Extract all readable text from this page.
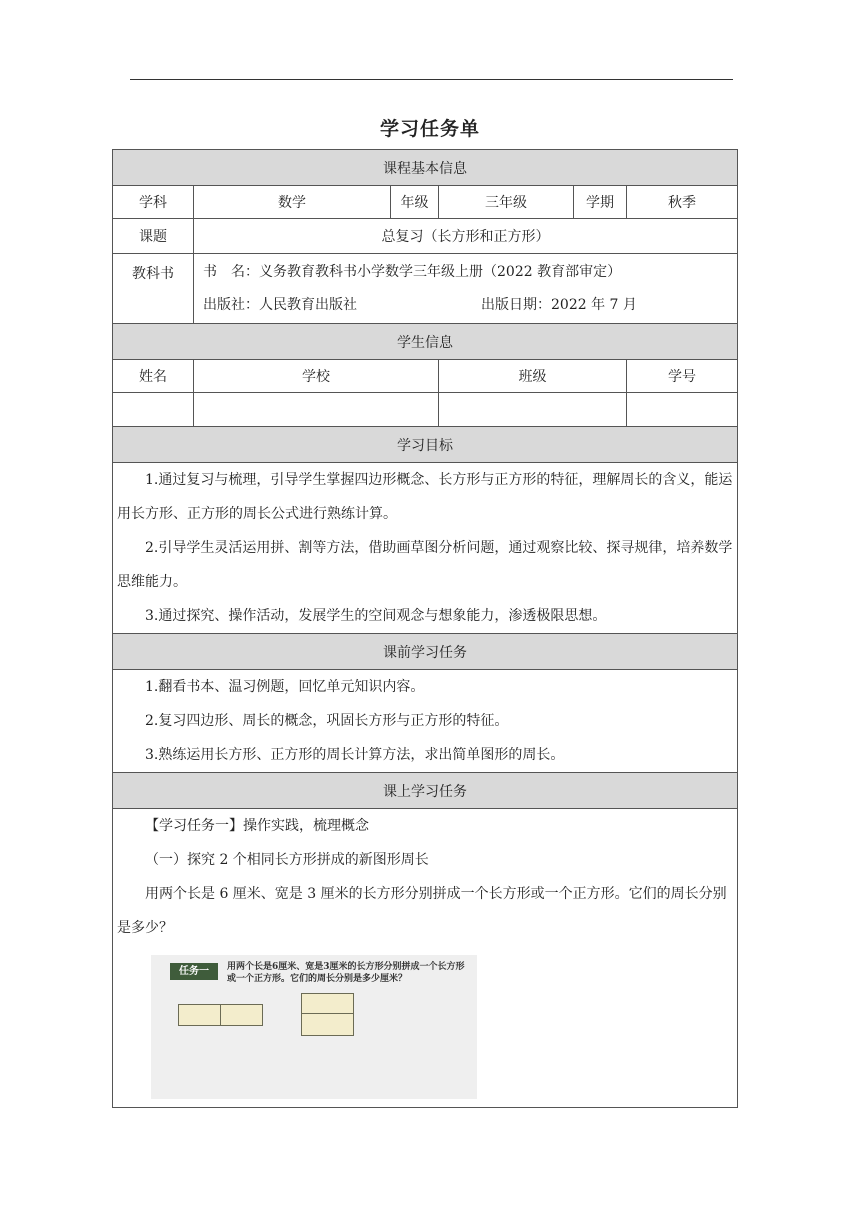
学习任务单
课程基本信息					
学科	数学	年级	三年级	学期	秋季
课题	总复习（长方形和正方形）				
教科书	书　名：义务教育教科书小学数学三年级上册（2022 教育部审定）
出版社：人民教育出版社 出版日期：2022 年 7 月				

学生信息					
姓名	学校		班级		学号

学习目标					

1.通过复习与梳理，引导学生掌握四边形概念、长方形与正方形的特征，理解周长的含义，能运用长方形、正方形的周长公式进行熟练计算。

2.引导学生灵活运用拼、割等方法，借助画草图分析问题，通过观察比较、探寻规律，培养数学思维能力。

3.通过探究、操作活动，发展学生的空间观念与想象能力，渗透极限思想。					

课前学习任务					

1.翻看书本、温习例题，回忆单元知识内容。

2.复习四边形、周长的概念，巩固长方形与正方形的特征。

3.熟练运用长方形、正方形的周长计算方法，求出简单图形的周长。					

课上学习任务					

【学习任务一】操作实践，梳理概念

（一）探究 2 个相同长方形拼成的新图形周长

用两个长是 6 厘米、宽是 3 厘米的长方形分别拼成一个长方形或一个正方形。它们的周长分别是多少？

任务一 用两个长是6厘米、宽是3厘米的长方形分别拼成一个长方形或一个正方形。它们的周长分别是多少厘米？					
